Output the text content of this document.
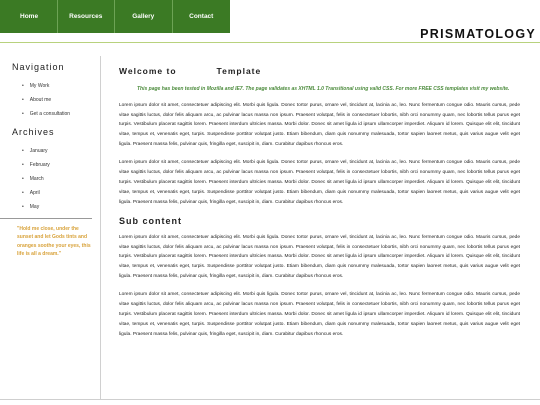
Home	Resources	Gallery	Contact
PRISMATOLOGY
Navigation
• My Work
• About me
• Get a consultation
Archives
• January
• February
• March
• April
• May
"Hold me close, under the sunset and let Gods tints and oranges soothe your eyes, this life is all a dream."
Welcome to	Template

This page has been tested in Mozilla and IE7. The page validates as XHTML 1.0 Transitional using valid CSS. For more FREE CSS templates visit my website.

Lorem ipsum dolor sit amet, consectetuer adipiscing elit. Morbi quis ligula. Donec tortor purus, ornare vel, tincidunt at, lacinia ac, leo. Nunc fermentum congue odio. Mauris cursus, pede vitae sagittis luctus, dolor felis aliquam arcu, ac pulvinar lacus massa non ipsum. Praesent volutpat, felis in consectetuer lobortis, nibh orci nonummy quam, nec lobortis tellus purus eget turpis. Vestibulum placerat sagittis lorem. Praesent interdum ultricies massa. Morbi dolor. Donec sit amet ligula id ipsum ullamcorper imperdiet. Aliquam id lorem. Quisque elit elit, tincidunt vitae, tempus et, venenatis eget, turpis. Suspendisse porttitor volutpat justo. Etiam bibendum, diam quis nonummy malesuada, tortor sapien laoreet metus, quis varius augue velit eget ligula. Praesent massa felis, pulvinar quis, fringilla eget, suscipit in, diam. Curabitur dapibus rhoncus eros.

Lorem ipsum dolor sit amet, consectetuer adipiscing elit. Morbi quis ligula. Donec tortor purus, ornare vel, tincidunt at, lacinia ac, leo. Nunc fermentum congue odio. Mauris cursus, pede vitae sagittis luctus, dolor felis aliquam arcu, ac pulvinar lacus massa non ipsum. Praesent volutpat, felis in consectetuer lobortis, nibh orci nonummy quam, nec lobortis tellus purus eget turpis. Vestibulum placerat sagittis lorem. Praesent interdum ultricies massa. Morbi dolor. Donec sit amet ligula id ipsum ullamcorper imperdiet. Aliquam id lorem. Quisque elit elit, tincidunt vitae, tempus et, venenatis eget, turpis. Suspendisse porttitor volutpat justo. Etiam bibendum, diam quis nonummy malesuada, tortor sapien laoreet metus, quis varius augue velit eget ligula. Praesent massa felis, pulvinar quis, fringilla eget, suscipit in, diam. Curabitur dapibus rhoncus eros.

Sub content

Lorem ipsum dolor sit amet, consectetuer adipiscing elit. Morbi quis ligula. Donec tortor purus, ornare vel, tincidunt at, lacinia ac, leo. Nunc fermentum congue odio. Mauris cursus, pede vitae sagittis luctus, dolor felis aliquam arcu, ac pulvinar lacus massa non ipsum. Praesent volutpat, felis in consectetuer lobortis, nibh orci nonummy quam, nec lobortis tellus purus eget turpis. Vestibulum placerat sagittis lorem. Praesent interdum ultricies massa. Morbi dolor. Donec sit amet ligula id ipsum ullamcorper imperdiet. Aliquam id lorem. Quisque elit elit, tincidunt vitae, tempus et, venenatis eget, turpis. Suspendisse porttitor volutpat justo. Etiam bibendum, diam quis nonummy malesuada, tortor sapien laoreet metus, quis varius augue velit eget ligula. Praesent massa felis, pulvinar quis, fringilla eget, suscipit in, diam. Curabitur dapibus rhoncus eros.

Lorem ipsum dolor sit amet, consectetuer adipiscing elit. Morbi quis ligula. Donec tortor purus, ornare vel, tincidunt at, lacinia ac, leo. Nunc fermentum congue odio. Mauris cursus, pede vitae sagittis luctus, dolor felis aliquam arcu, ac pulvinar lacus massa non ipsum. Praesent volutpat, felis in consectetuer lobortis, nibh orci nonummy quam, nec lobortis tellus purus eget turpis. Vestibulum placerat sagittis lorem. Praesent interdum ultricies massa. Morbi dolor. Donec sit amet ligula id ipsum ullamcorper imperdiet. Aliquam id lorem. Quisque elit elit, tincidunt vitae, tempus et, venenatis eget, turpis. Suspendisse porttitor volutpat justo. Etiam bibendum, diam quis nonummy malesuada, tortor sapien laoreet metus, quis varius augue velit eget ligula. Praesent massa felis, pulvinar quis, fringilla eget, suscipit in, diam. Curabitur dapibus rhoncus eros.
